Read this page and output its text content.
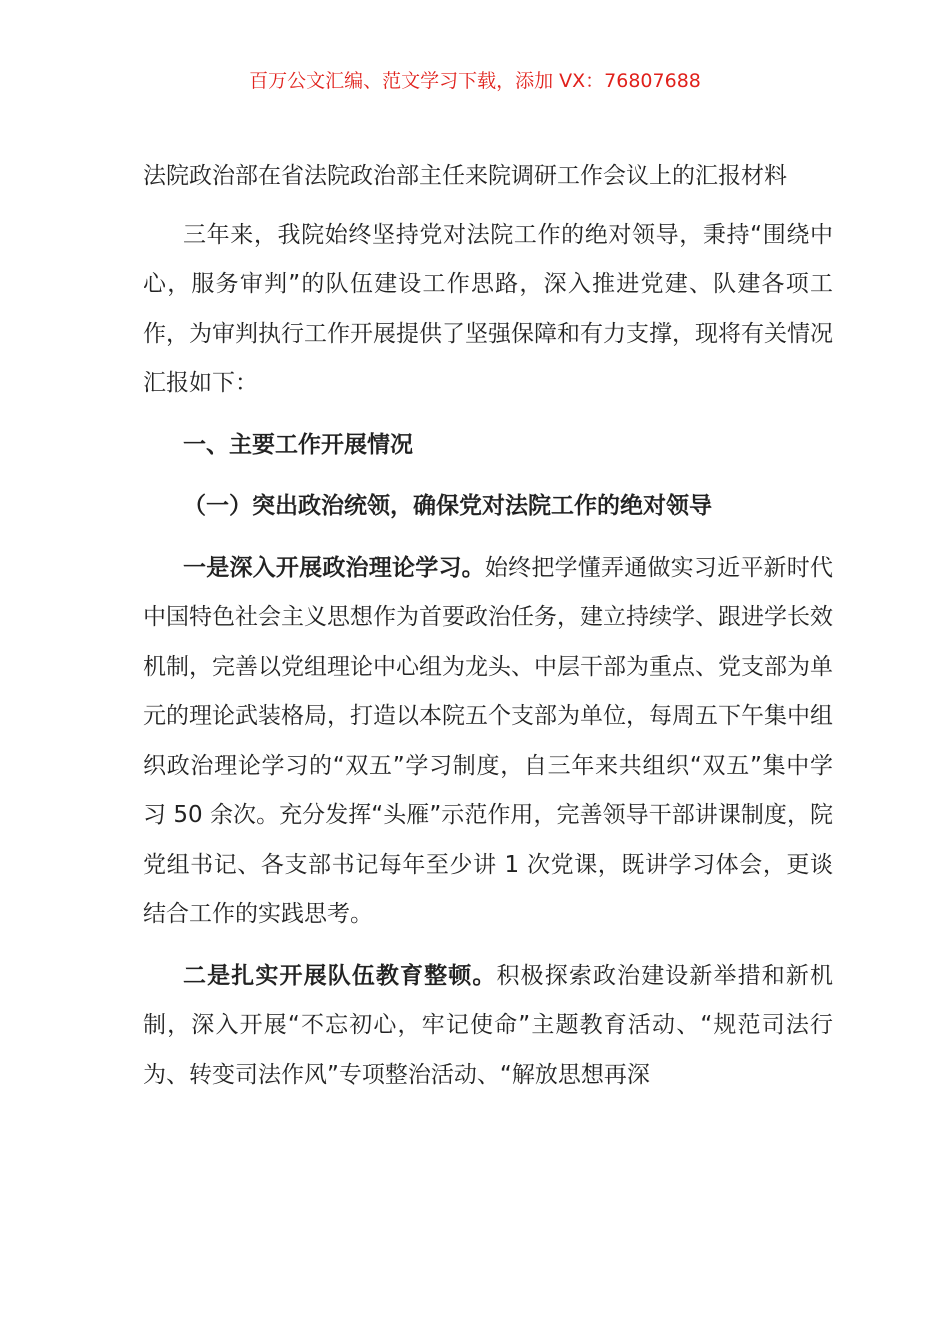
百万公文汇编、范文学习下载，添加 VX：76807688

法院政治部在省法院政治部主任来院调研工作会议上的汇报材料

三年来，我院始终坚持党对法院工作的绝对领导，秉持“围绕中心，服务审判”的队伍建设工作思路，深入推进党建、队建各项工作，为审判执行工作开展提供了坚强保障和有力支撑，现将有关情况汇报如下：

一、主要工作开展情况

（一）突出政治统领，确保党对法院工作的绝对领导

一是深入开展政治理论学习。始终把学懂弄通做实习近平新时代中国特色社会主义思想作为首要政治任务，建立持续学、跟进学长效机制，完善以党组理论中心组为龙头、中层干部为重点、党支部为单元的理论武装格局，打造以本院五个支部为单位，每周五下午集中组织政治理论学习的“双五”学习制度，自三年来共组织“双五”集中学习 50 余次。充分发挥“头雁”示范作用，完善领导干部讲课制度，院党组书记、各支部书记每年至少讲 1 次党课，既讲学习体会，更谈结合工作的实践思考。

二是扎实开展队伍教育整顿。积极探索政治建设新举措和新机制，深入开展“不忘初心，牢记使命”主题教育活动、“规范司法行为、转变司法作风”专项整治活动、“解放思想再深
